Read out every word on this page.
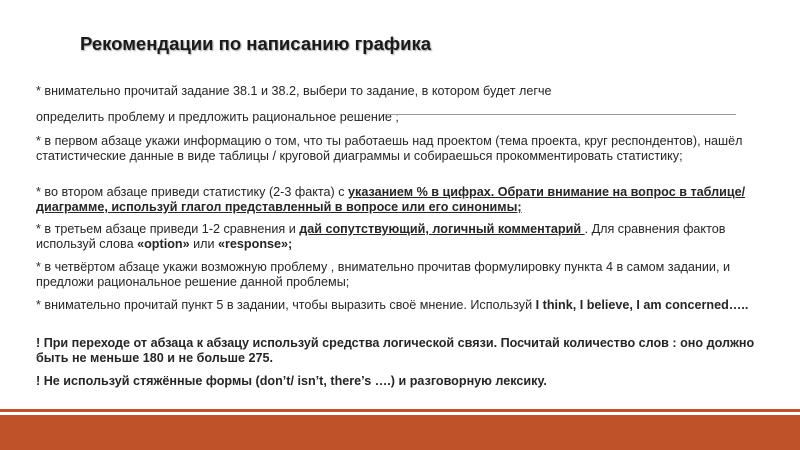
Рекомендации по написанию графика

* внимательно прочитай задание 38.1 и 38.2, выбери то задание, в котором будет легче

определить проблему и предложить рациональное решение ;

* в первом абзаце укажи информацию о том, что ты работаешь над проектом (тема проекта, круг респондентов), нашёл статистические данные в виде таблицы / круговой диаграммы и собираешься прокомментировать статистику;

* во втором абзаце приведи статистику (2-3 факта) с указанием % в цифрах. Обрати внимание на вопрос в таблице/диаграмме, используй глагол представленный в вопросе или его синонимы;

* в третьем абзаце приведи 1-2 сравнения и дай сопутствующий, логичный комментарий . Для сравнения фактов используй слова «option» или «response»;

* в четвёртом абзаце укажи возможную проблему , внимательно прочитав формулировку пункта 4 в самом задании, и предложи рациональное решение данной проблемы;

* внимательно прочитай пункт 5 в задании, чтобы выразить своё мнение. Используй I think, I believe, I am concerned…..

! При переходе от абзаца к абзацу используй средства логической связи. Посчитай количество слов : оно должно быть не меньше 180 и не больше 275.

! Не используй стяжённые формы (don’t/ isn’t, there’s ….) и разговорную лексику.
